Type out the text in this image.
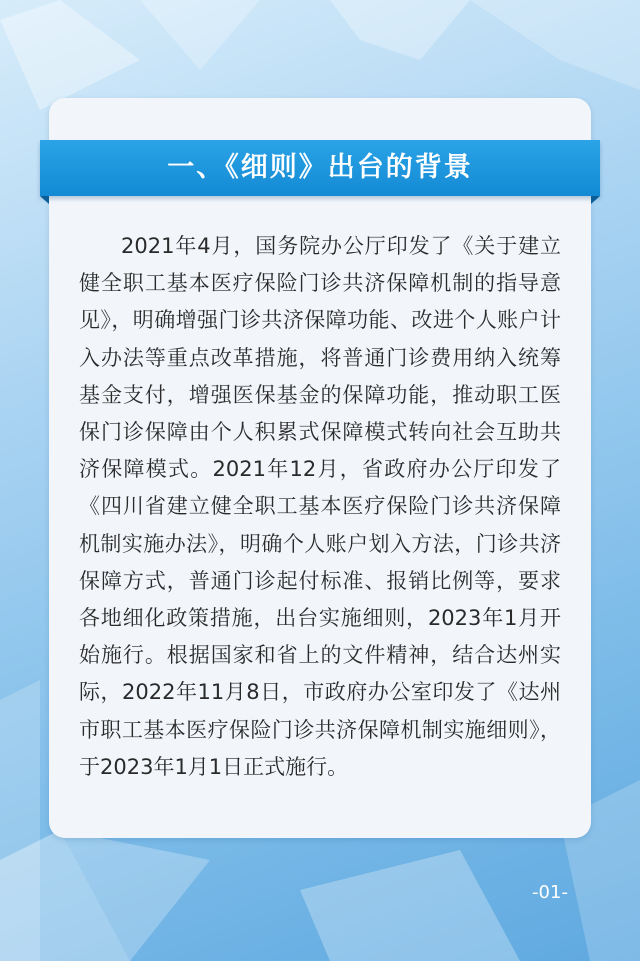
一、《细则》出台的背景

2021年4月，国务院办公厅印发了《关于建立健全职工基本医疗保险门诊共济保障机制的指导意见》，明确增强门诊共济保障功能、改进个人账户计入办法等重点改革措施，将普通门诊费用纳入统筹基金支付，增强医保基金的保障功能，推动职工医保门诊保障由个人积累式保障模式转向社会互助共济保障模式。2021年12月，省政府办公厅印发了《四川省建立健全职工基本医疗保险门诊共济保障机制实施办法》，明确个人账户划入方法，门诊共济保障方式，普通门诊起付标准、报销比例等，要求各地细化政策措施，出台实施细则，2023年1月开始施行。根据国家和省上的文件精神，结合达州实际，2022年11月8日，市政府办公室印发了《达州市职工基本医疗保险门诊共济保障机制实施细则》，于2023年1月1日正式施行。

-01-
